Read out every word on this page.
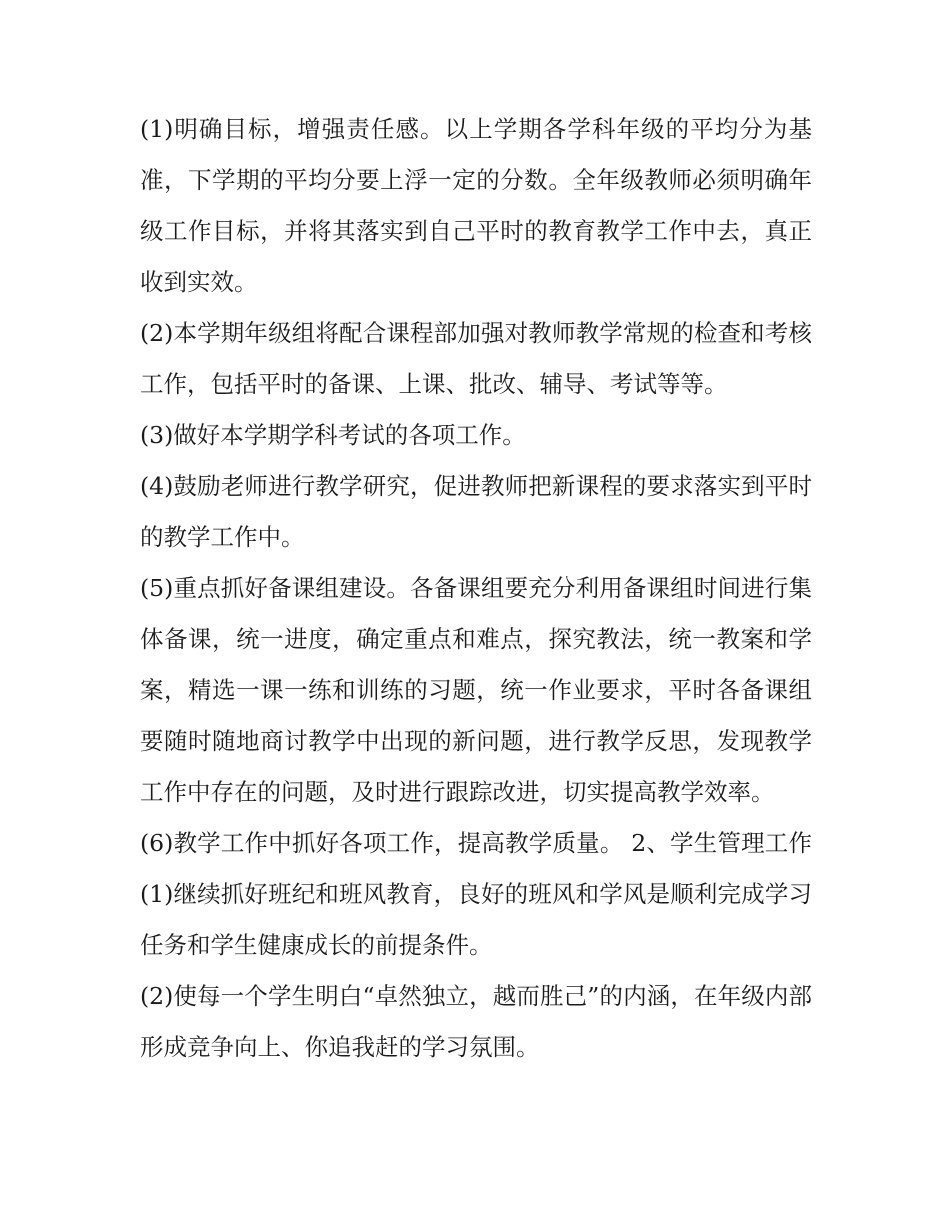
(1)明确目标，增强责任感。以上学期各学科年级的平均分为基准，下学期的平均分要上浮一定的分数。全年级教师必须明确年级工作目标，并将其落实到自己平时的教育教学工作中去，真正收到实效。

(2)本学期年级组将配合课程部加强对教师教学常规的检查和考核工作，包括平时的备课、上课、批改、辅导、考试等等。

(3)做好本学期学科考试的各项工作。

(4)鼓励老师进行教学研究，促进教师把新课程的要求落实到平时的教学工作中。

(5)重点抓好备课组建设。各备课组要充分利用备课组时间进行集体备课，统一进度，确定重点和难点，探究教法，统一教案和学案，精选一课一练和训练的习题，统一作业要求，平时各备课组要随时随地商讨教学中出现的新问题，进行教学反思，发现教学工作中存在的问题，及时进行跟踪改进，切实提高教学效率。

(6)教学工作中抓好各项工作，提高教学质量。 2、学生管理工作 (1)继续抓好班纪和班风教育，良好的班风和学风是顺利完成学习任务和学生健康成长的前提条件。

(2)使每一个学生明白“卓然独立，越而胜己”的内涵，在年级内部形成竞争向上、你追我赶的学习氛围。
